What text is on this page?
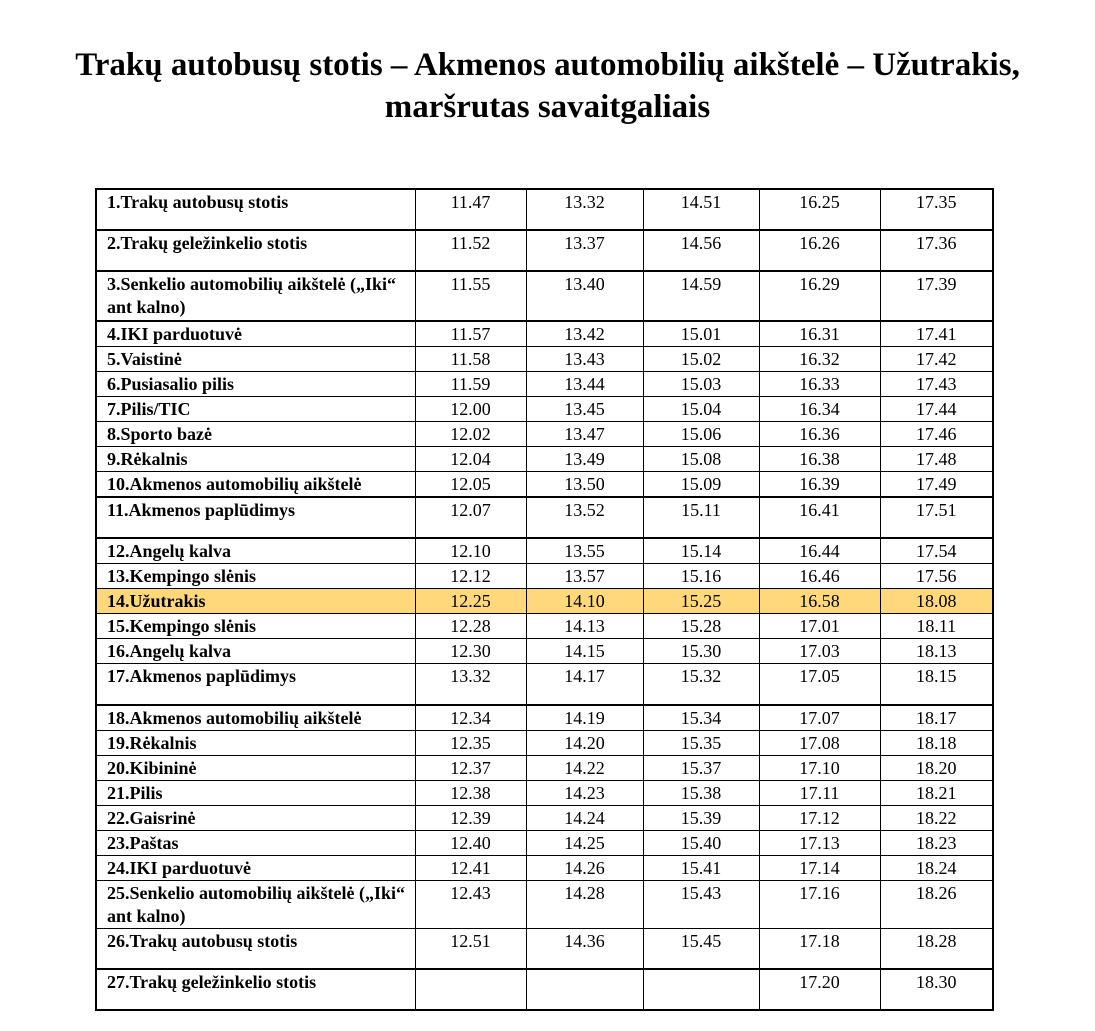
Trakų autobusų stotis – Akmenos automobilių aikštelė – Užutrakis,
maršrutas savaitgaliais
1.Trakų autobusų stotis	11.47	13.32	14.51	16.25	17.35
2.Trakų geležinkelio stotis	11.52	13.37	14.56	16.26	17.36
3.Senkelio automobilių aikštelė („Iki“ ant kalno)	11.55	13.40	14.59	16.29	17.39
4.IKI parduotuvė	11.57	13.42	15.01	16.31	17.41
5.Vaistinė	11.58	13.43	15.02	16.32	17.42
6.Pusiasalio pilis	11.59	13.44	15.03	16.33	17.43
7.Pilis/TIC	12.00	13.45	15.04	16.34	17.44
8.Sporto bazė	12.02	13.47	15.06	16.36	17.46
9.Rėkalnis	12.04	13.49	15.08	16.38	17.48
10.Akmenos automobilių aikštelė	12.05	13.50	15.09	16.39	17.49
11.Akmenos paplūdimys	12.07	13.52	15.11	16.41	17.51
12.Angelų kalva	12.10	13.55	15.14	16.44	17.54
13.Kempingo slėnis	12.12	13.57	15.16	16.46	17.56
14.Užutrakis	12.25	14.10	15.25	16.58	18.08
15.Kempingo slėnis	12.28	14.13	15.28	17.01	18.11
16.Angelų kalva	12.30	14.15	15.30	17.03	18.13
17.Akmenos paplūdimys	13.32	14.17	15.32	17.05	18.15
18.Akmenos automobilių aikštelė	12.34	14.19	15.34	17.07	18.17
19.Rėkalnis	12.35	14.20	15.35	17.08	18.18
20.Kibininė	12.37	14.22	15.37	17.10	18.20
21.Pilis	12.38	14.23	15.38	17.11	18.21
22.Gaisrinė	12.39	14.24	15.39	17.12	18.22
23.Paštas	12.40	14.25	15.40	17.13	18.23
24.IKI parduotuvė	12.41	14.26	15.41	17.14	18.24
25.Senkelio automobilių aikštelė („Iki“ ant kalno)	12.43	14.28	15.43	17.16	18.26
26.Trakų autobusų stotis	12.51	14.36	15.45	17.18	18.28
27.Trakų geležinkelio stotis				17.20	18.30
